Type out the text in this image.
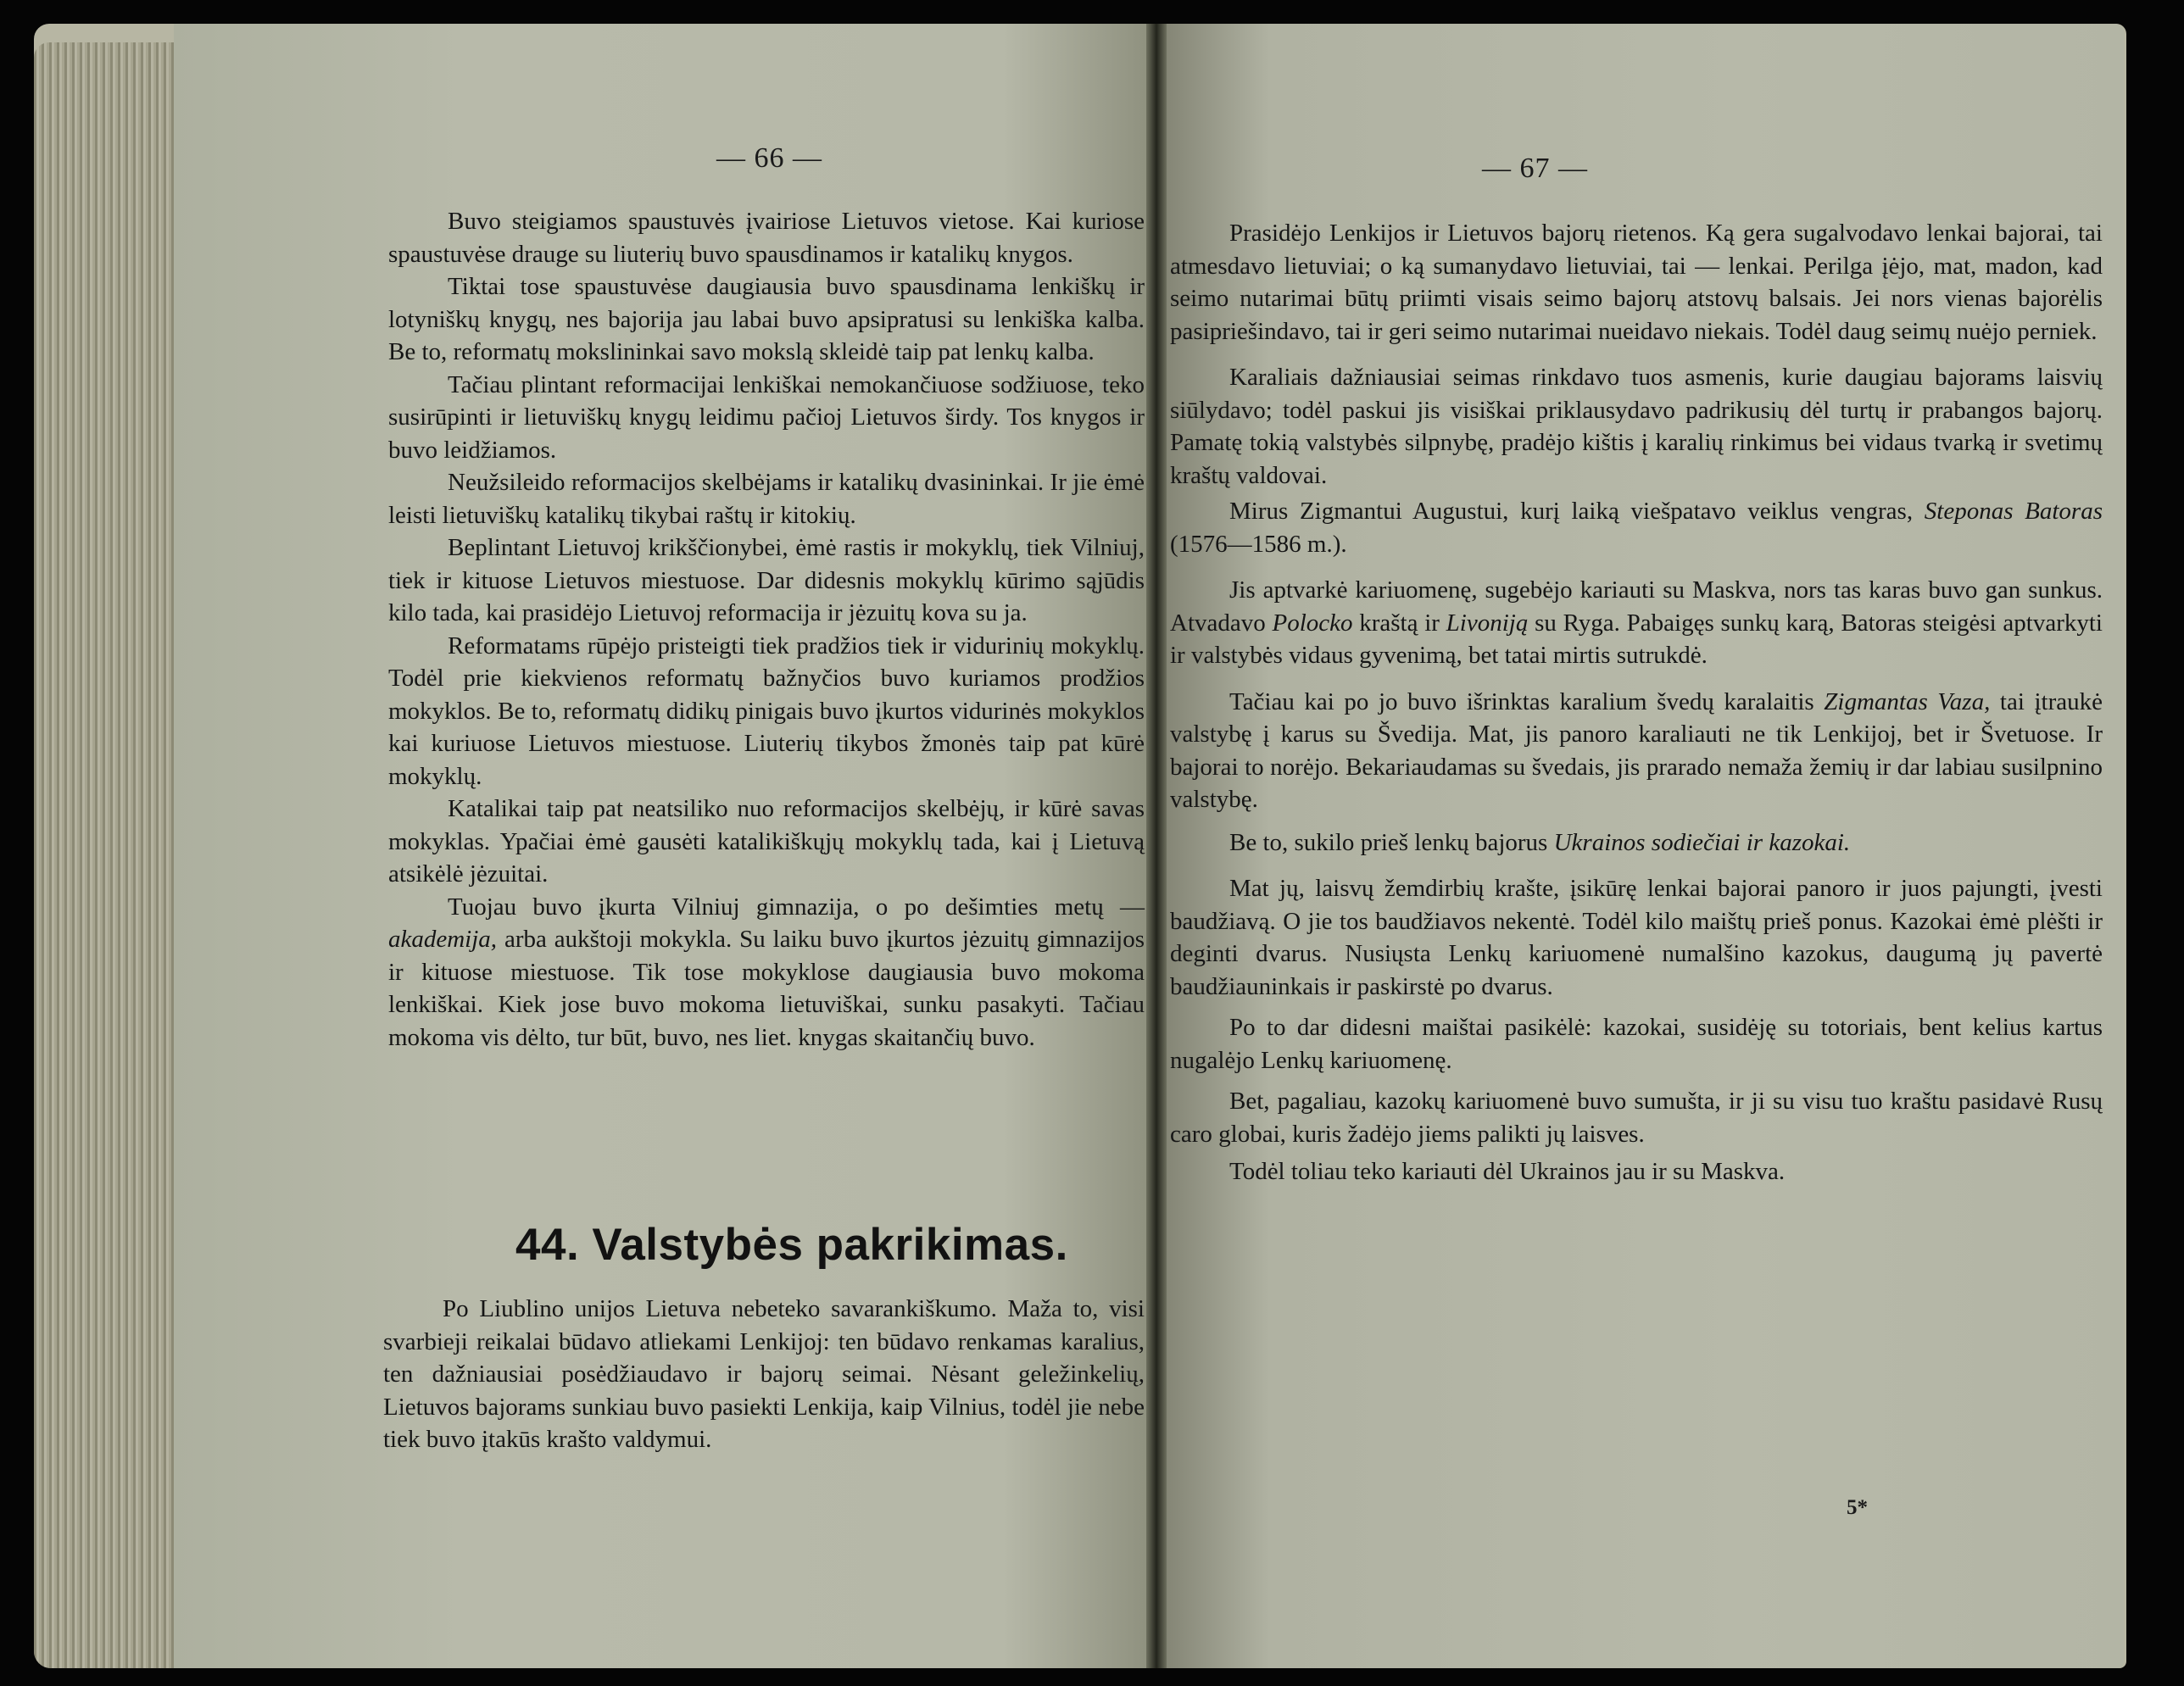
— 66 —

Buvo steigiamos spaustuvės įvairiose Lietuvos vietose. Kai kuriose spaustuvėse drauge su liuterių buvo spausdinamos ir katalikų knygos.

Tiktai tose spaustuvėse daugiausia buvo spausdinama lenkiškų ir lotyniškų knygų, nes bajorija jau labai buvo apsipratusi su lenkiška kalba. Be to, reformatų mokslininkai savo mokslą skleidė taip pat lenkų kalba.

Tačiau plintant reformacijai lenkiškai nemokančiuose sodžiuose, teko susirūpinti ir lietuviškų knygų leidimu pačioj Lietuvos širdy. Tos knygos ir buvo leidžiamos.

Neužsileido reformacijos skelbėjams ir katalikų dvasininkai. Ir jie ėmė leisti lietuviškų katalikų tikybai raštų ir kitokių.

Beplintant Lietuvoj krikščionybei, ėmė rastis ir mokyklų, tiek Vilniuj, tiek ir kituose Lietuvos miestuose. Dar didesnis mokyklų kūrimo sąjūdis kilo tada, kai prasidėjo Lietuvoj reformacija ir jėzuitų kova su ja.

Reformatams rūpėjo pristeigti tiek pradžios tiek ir vidurinių mokyklų. Todėl prie kiekvienos reformatų bažnyčios buvo kuriamos prodžios mokyklos. Be to, reformatų didikų pinigais buvo įkurtos vidurinės mokyklos kai kuriuose Lietuvos miestuose. Liuterių tikybos žmonės taip pat kūrė mokyklų.

Katalikai taip pat neatsiliko nuo reformacijos skelbėjų, ir kūrė savas mokyklas. Ypačiai ėmė gausėti katalikiškųjų mokyklų tada, kai į Lietuvą atsikėlė jėzuitai.

Tuojau buvo įkurta Vilniuj gimnazija, o po dešimties metų — akademija, arba aukštoji mokykla. Su laiku buvo įkurtos jėzuitų gimnazijos ir kituose miestuose. Tik tose mokyklose daugiausia buvo mokoma lenkiškai. Kiek jose buvo mokoma lietuviškai, sunku pasakyti. Tačiau mokoma vis dėlto, tur būt, buvo, nes liet. knygas skaitančių buvo.

44. Valstybės pakrikimas.

Po Liublino unijos Lietuva nebeteko savarankiškumo. Maža to, visi svarbieji reikalai būdavo atliekami Lenkijoj: ten būdavo renkamas karalius, ten dažniausiai posėdžiaudavo ir bajorų seimai. Nėsant geležinkelių, Lietuvos bajorams sunkiau buvo pasiekti Lenkija, kaip Vilnius, todėl jie nebe tiek buvo įtakūs krašto valdymui.

— 67 —

Prasidėjo Lenkijos ir Lietuvos bajorų rietenos. Ką gera sugalvodavo lenkai bajorai, tai atmesdavo lietuviai; o ką sumanydavo lietuviai, tai — lenkai. Perilga įėjo, mat, madon, kad seimo nutarimai būtų priimti visais seimo bajorų atstovų balsais. Jei nors vienas bajorėlis pasipriešindavo, tai ir geri seimo nutarimai nueidavo niekais. Todėl daug seimų nuėjo perniek.

Karaliais dažniausiai seimas rinkdavo tuos asmenis, kurie daugiau bajorams laisvių siūlydavo; todėl paskui jis visiškai priklausydavo padrikusių dėl turtų ir prabangos bajorų. Pamatę tokią valstybės silpnybę, pradėjo kištis į karalių rinkimus bei vidaus tvarką ir svetimų kraštų valdovai.

Mirus Zigmantui Augustui, kurį laiką viešpatavo veiklus vengras, Steponas Batoras (1576—1586 m.).

Jis aptvarkė kariuomenę, sugebėjo kariauti su Maskva, nors tas karas buvo gan sunkus. Atvadavo Polocko kraštą ir Livoniją su Ryga. Pabaigęs sunkų karą, Batoras steigėsi aptvarkyti ir valstybės vidaus gyvenimą, bet tatai mirtis sutrukdė.

Tačiau kai po jo buvo išrinktas karalium švedų karalaitis Zigmantas Vaza, tai įtraukė valstybę į karus su Švedija. Mat, jis panoro karaliauti ne tik Lenkijoj, bet ir Švetuose. Ir bajorai to norėjo. Bekariaudamas su švedais, jis prarado nemaža žemių ir dar labiau susilpnino valstybę.

Be to, sukilo prieš lenkų bajorus Ukrainos sodiečiai ir kazokai.

Mat jų, laisvų žemdirbių krašte, įsikūrę lenkai bajorai panoro ir juos pajungti, įvesti baudžiavą. O jie tos baudžiavos nekentė. Todėl kilo maištų prieš ponus. Kazokai ėmė plėšti ir deginti dvarus. Nusiųsta Lenkų kariuomenė numalšino kazokus, daugumą jų pavertė baudžiauninkais ir paskirstė po dvarus.

Po to dar didesni maištai pasikėlė: kazokai, susidėję su totoriais, bent kelius kartus nugalėjo Lenkų kariuomenę.

Bet, pagaliau, kazokų kariuomenė buvo sumušta, ir ji su visu tuo kraštu pasidavė Rusų caro globai, kuris žadėjo jiems palikti jų laisves.

Todėl toliau teko kariauti dėl Ukrainos jau ir su Maskva.

5*
